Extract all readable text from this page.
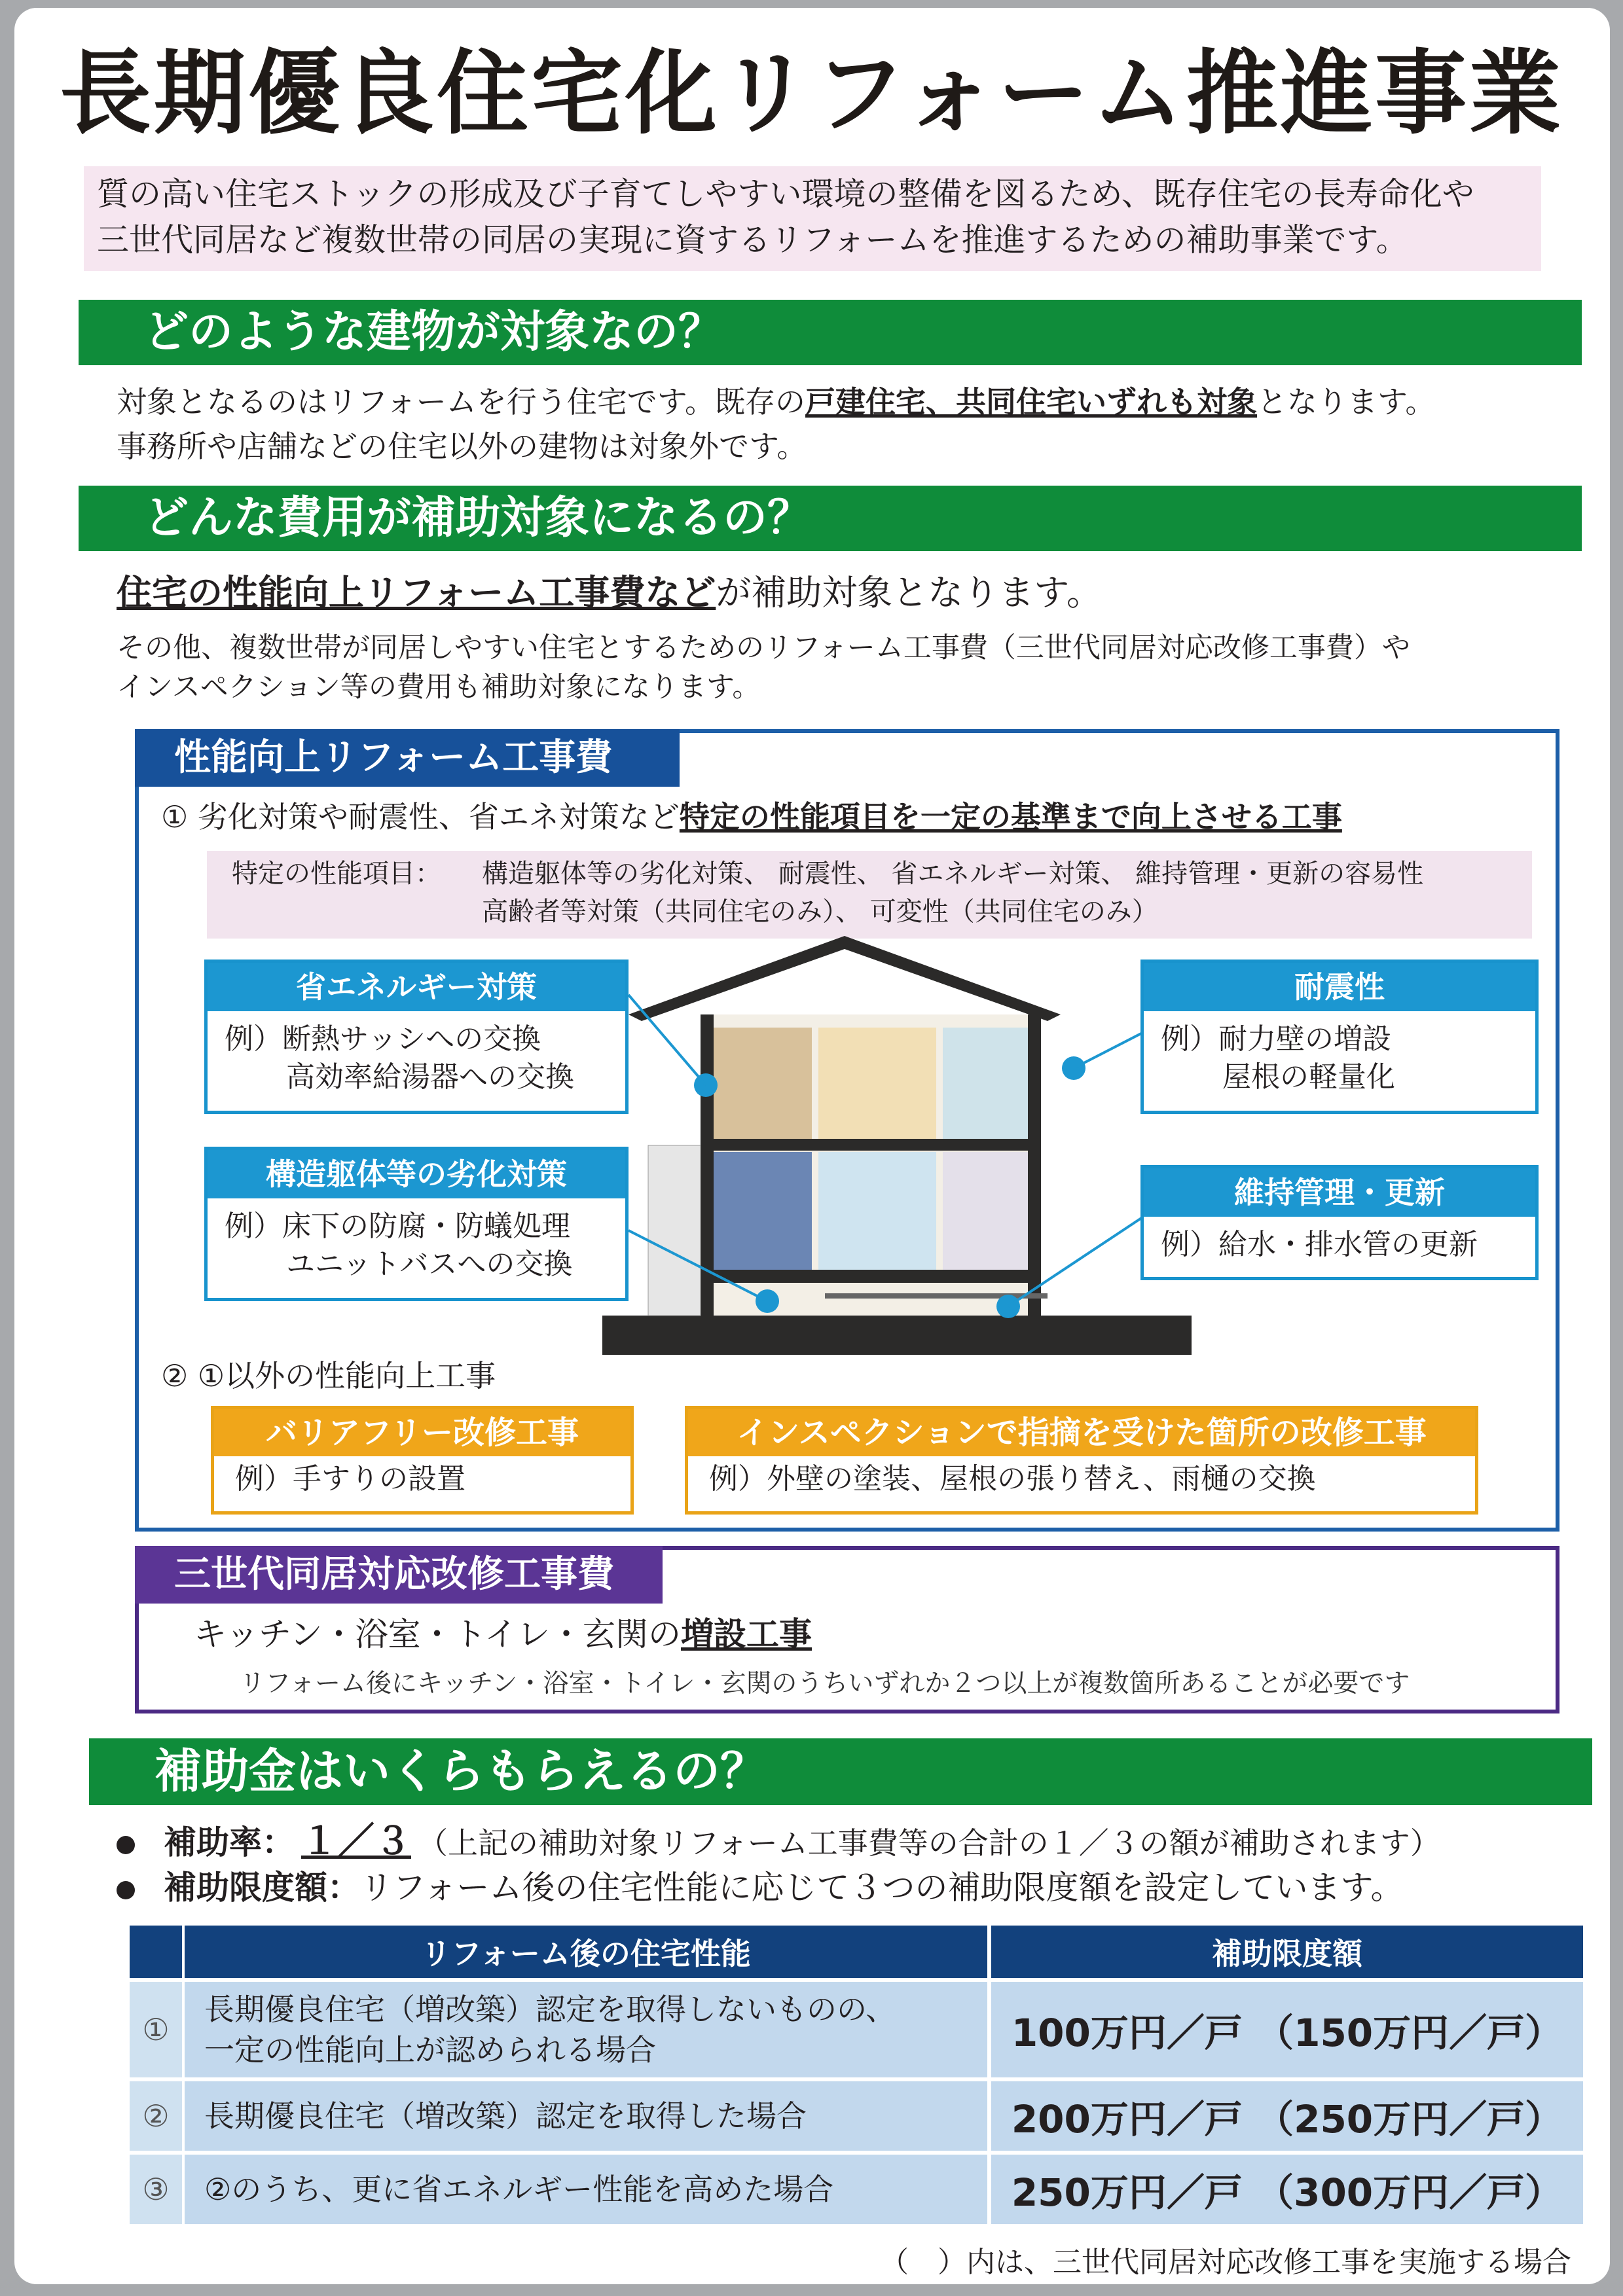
長期優良住宅化リフォーム推進事業
質の高い住宅ストックの形成及び子育てしやすい環境の整備を図るため、既存住宅の長寿命化や
三世代同居など複数世帯の同居の実現に資するリフォームを推進するための補助事業です。
どのような建物が対象なの？
対象となるのはリフォームを行う住宅です。既存の戸建住宅、共同住宅いずれも対象となります。
事務所や店舗などの住宅以外の建物は対象外です。
どんな費用が補助対象になるの？
住宅の性能向上リフォーム工事費などが補助対象となります。
その他、複数世帯が同居しやすい住宅とするためのリフォーム工事費（三世代同居対応改修工事費）や
インスペクション等の費用も補助対象になります。
性能向上リフォーム工事費
① 劣化対策や耐震性、省エネ対策など特定の性能項目を一定の基準まで向上させる工事
特定の性能項目： 構造躯体等の劣化対策、 耐震性、 省エネルギー対策、 維持管理・更新の容易性
高齢者等対策（共同住宅のみ）、 可変性（共同住宅のみ）
省エネルギー対策
例）断熱サッシへの交換
高効率給湯器への交換
耐震性
例）耐力壁の増設
屋根の軽量化
構造躯体等の劣化対策
例）床下の防腐・防蟻処理
ユニットバスへの交換
維持管理・更新
例）給水・排水管の更新
② ①以外の性能向上工事
バリアフリー改修工事
例）手すりの設置
インスペクションで指摘を受けた箇所の改修工事
例）外壁の塗装、屋根の張り替え、雨樋の交換
三世代同居対応改修工事費
キッチン・浴室・トイレ・玄関の増設工事
リフォーム後にキッチン・浴室・トイレ・玄関のうちいずれか２つ以上が複数箇所あることが必要です
補助金はいくらもらえるの？
補助率： １／３ （上記の補助対象リフォーム工事費等の合計の１／３の額が補助されます）
補助限度額：リフォーム後の住宅性能に応じて３つの補助限度額を設定しています。
	リフォーム後の住宅性能	補助限度額
①	長期優良住宅（増改築）認定を取得しないものの、
一定の性能向上が認められる場合	100万円／戸 （150万円／戸）
②	長期優良住宅（増改築）認定を取得した場合	200万円／戸 （250万円／戸）
③	②のうち、更に省エネルギー性能を高めた場合	250万円／戸 （300万円／戸）
（　）内は、三世代同居対応改修工事を実施する場合
